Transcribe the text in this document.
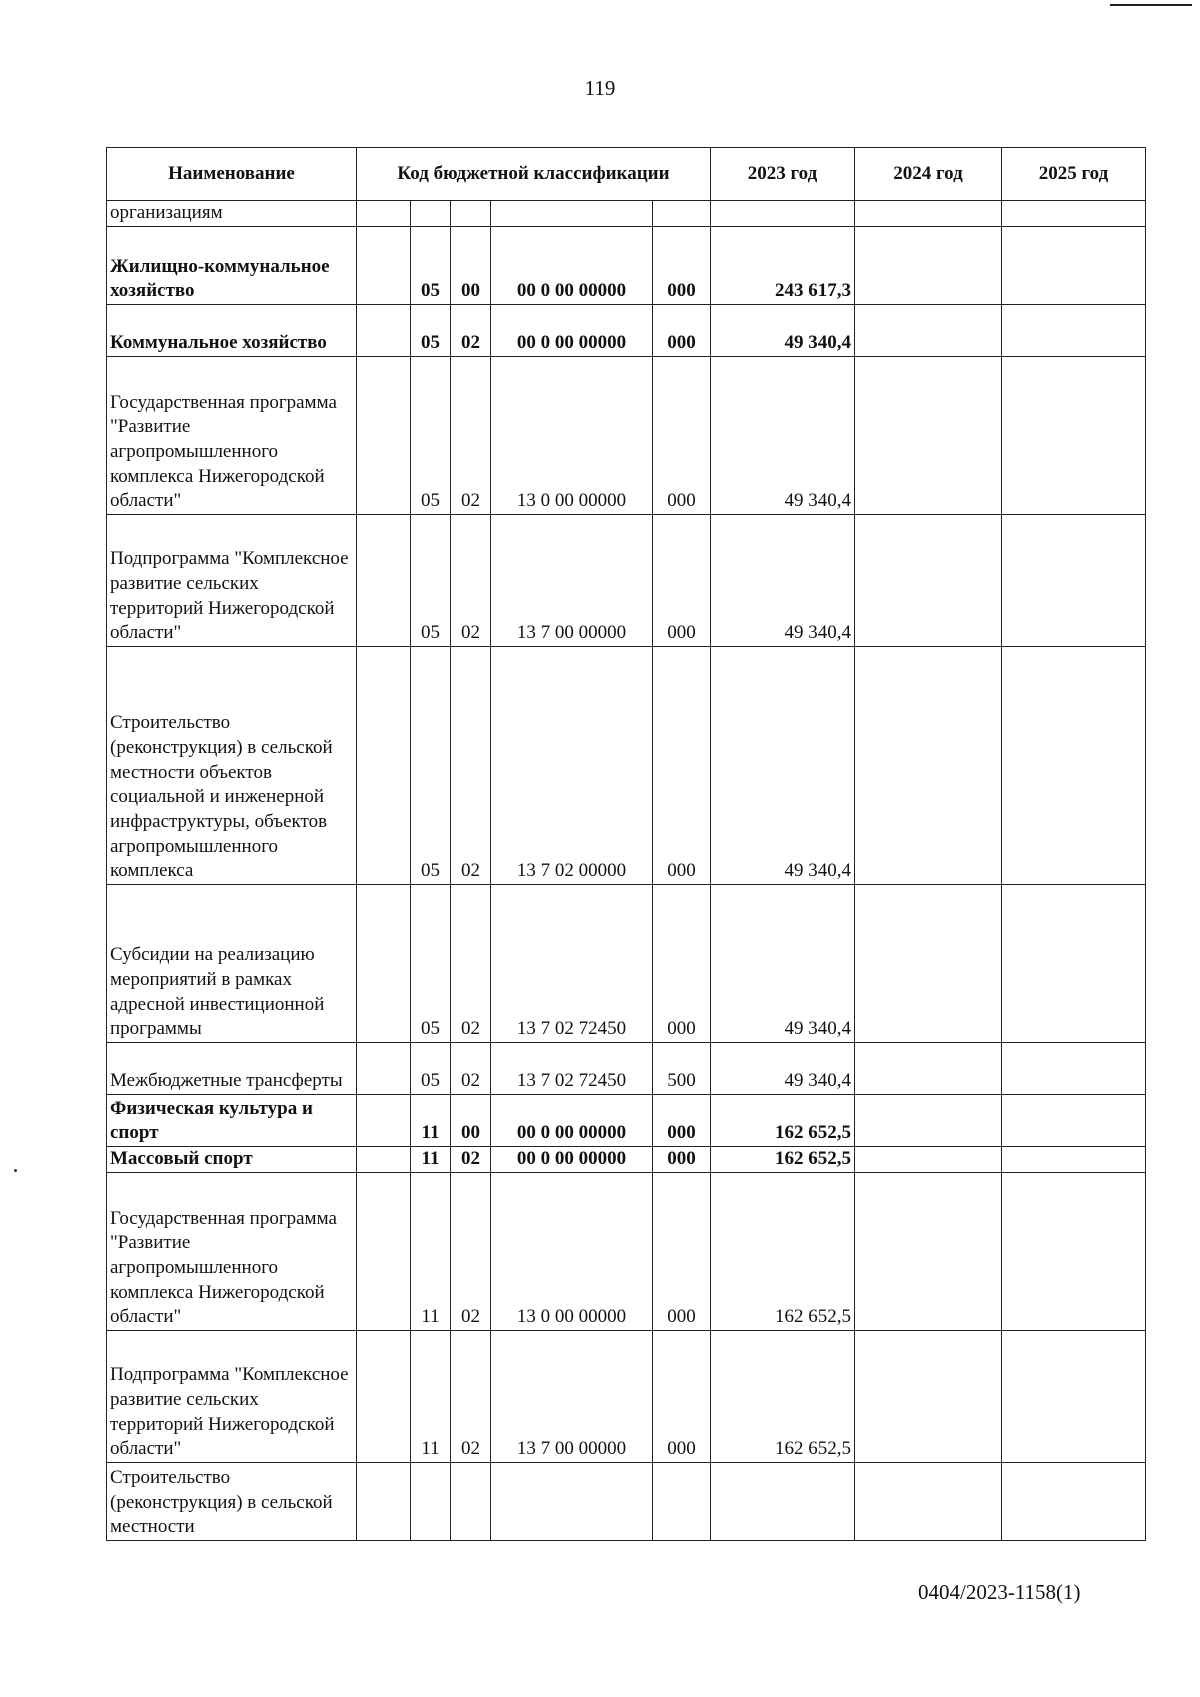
119
Наименование	Код бюджетной классификации					2023 год	2024 год	2025 год
организациям								
Жилищно-коммунальное хозяйство		05	00	00 0 00 00000	000	243 617,3		
Коммунальное хозяйство		05	02	00 0 00 00000	000	49 340,4		
Государственная программа "Развитие агропромышленного комплекса Нижегородской области"		05	02	13 0 00 00000	000	49 340,4		
Подпрограмма "Комплексное развитие сельских территорий Нижегородской области"		05	02	13 7 00 00000	000	49 340,4		
Строительство (реконструкция) в сельской местности объектов социальной и инженерной инфраструктуры, объектов агропромышленного комплекса		05	02	13 7 02 00000	000	49 340,4		
Субсидии на реализацию мероприятий в рамках адресной инвестиционной программы		05	02	13 7 02 72450	000	49 340,4		
Межбюджетные трансферты		05	02	13 7 02 72450	500	49 340,4		
Физическая культура и спорт		11	00	00 0 00 00000	000	162 652,5		
Массовый спорт		11	02	00 0 00 00000	000	162 652,5		
Государственная программа "Развитие агропромышленного комплекса Нижегородской области"		11	02	13 0 00 00000	000	162 652,5		
Подпрограмма "Комплексное развитие сельских территорий Нижегородской области"		11	02	13 7 00 00000	000	162 652,5		
Строительство (реконструкция) в сельской местности								
0404/2023-1158(1)
